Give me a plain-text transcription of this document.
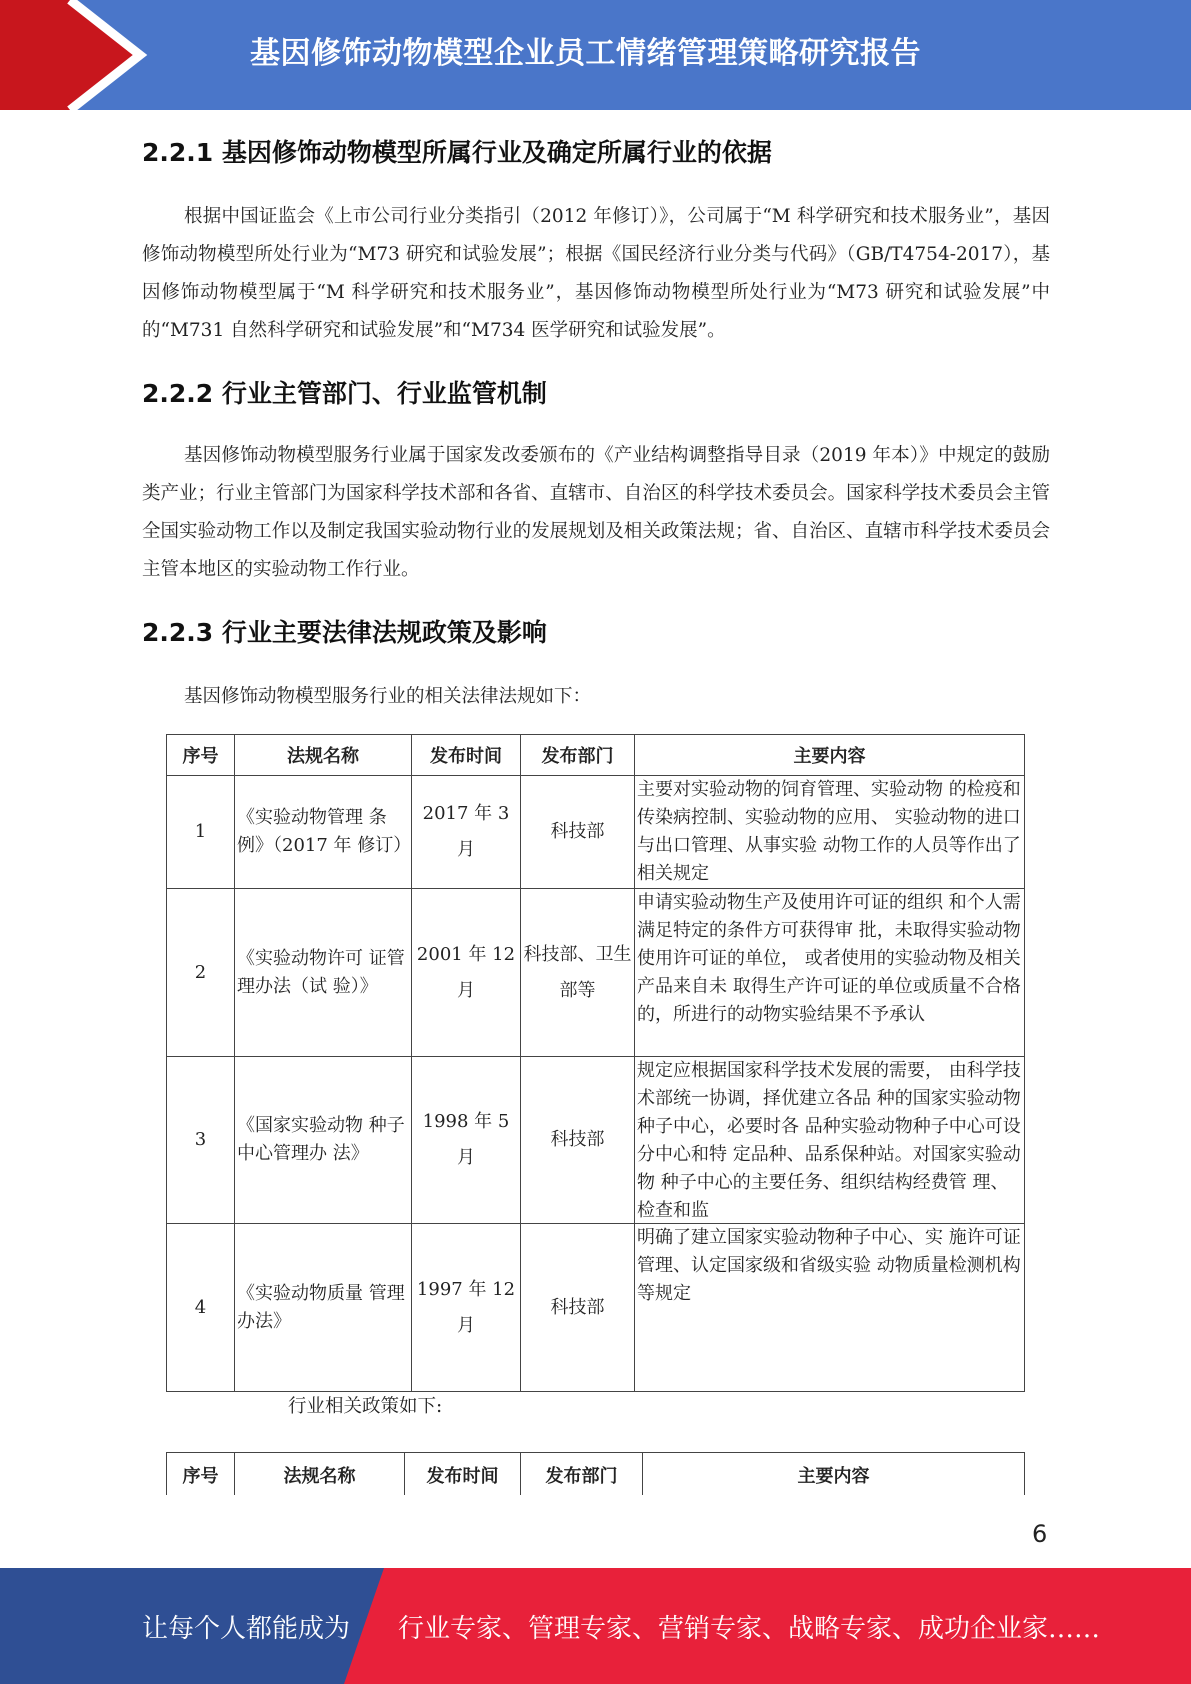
基因修饰动物模型企业员工情绪管理策略研究报告
2.2.1 基因修饰动物模型所属行业及确定所属行业的依据

根据中国证监会《上市公司行业分类指引（2012 年修订）》，公司属于“M 科学研究和技术服务业”，基因修饰动物模型所处行业为“M73 研究和试验发展”；根据《国民经济行业分类与代码》（GB/T4754-2017），基因修饰动物模型属于“M 科学研究和技术服务业”，基因修饰动物模型所处行业为“M73 研究和试验发展”中的“M731 自然科学研究和试验发展”和“M734 医学研究和试验发展”。

2.2.2 行业主管部门、行业监管机制

基因修饰动物模型服务行业属于国家发改委颁布的《产业结构调整指导目录（2019 年本）》中规定的鼓励类产业；行业主管部门为国家科学技术部和各省、直辖市、自治区的科学技术委员会。国家科学技术委员会主管全国实验动物工作以及制定我国实验动物行业的发展规划及相关政策法规；省、自治区、直辖市科学技术委员会主管本地区的实验动物工作行业。

2.2.3 行业主要法律法规政策及影响

基因修饰动物模型服务行业的相关法律法规如下：

序号	法规名称	发布时间	发布部门	主要内容
1	《实验动物管理 条例》（2017 年 修订）	2017 年 3 月	科技部	主要对实验动物的饲育管理、实验动物 的检疫和传染病控制、实验动物的应用、 实验动物的进口与出口管理、从事实验 动物工作的人员等作出了相关规定
2	《实验动物许可 证管理办法（试 验）》	2001 年 12 月	科技部、卫生部等	申请实验动物生产及使用许可证的组织 和个人需满足特定的条件方可获得审 批，未取得实验动物使用许可证的单位， 或者使用的实验动物及相关产品来自未 取得生产许可证的单位或质量不合格 的，所进行的动物实验结果不予承认
3	《国家实验动物 种子中心管理办 法》	1998 年 5 月	科技部	规定应根据国家科学技术发展的需要， 由科学技术部统一协调，择优建立各品 种的国家实验动物种子中心，必要时各 品种实验动物种子中心可设分中心和特 定品种、品系保种站。对国家实验动物 种子中心的主要任务、组织结构经费管 理、检查和监

4	《实验动物质量 管理办法》	1997 年 12 月	科技部	明确了建立国家实验动物种子中心、实 施许可证管理、认定国家级和省级实验 动物质量检测机构等规定

行业相关政策如下:

序号	法规名称	发布时间	发布部门	主要内容
6
让每个人都能成为 行业专家、管理专家、营销专家、战略专家、成功企业家……
